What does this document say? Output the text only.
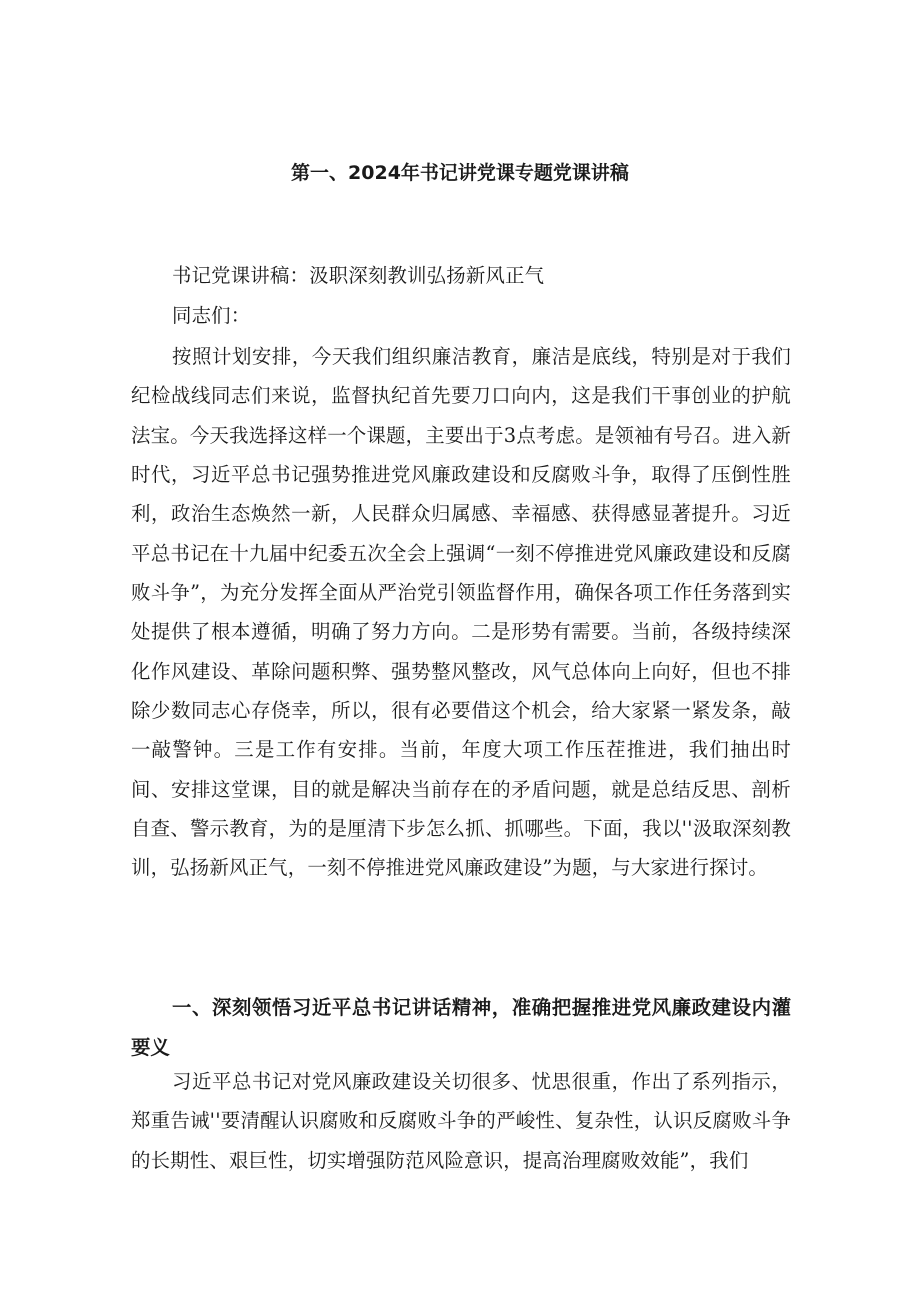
第一、2024年书记讲党课专题党课讲稿
书记党课讲稿：汲职深刻教训弘扬新风正气
同志们：
按照计划安排，今天我们组织廉洁教育，廉洁是底线，特别是对于我们纪检战线同志们来说，监督执纪首先要刀口向内，这是我们干事创业的护航法宝。今天我选择这样一个课题，主要出于3点考虑。是领袖有号召。进入新时代，习近平总书记强势推进党风廉政建设和反腐败斗争，取得了压倒性胜利，政治生态焕然一新，人民群众归属感、幸福感、获得感显著提升。习近平总书记在十九届中纪委五次全会上强调“一刻不停推进党风廉政建设和反腐败斗争”，为充分发挥全面从严治党引领监督作用，确保各项工作任务落到实处提供了根本遵循，明确了努力方向。二是形势有需要。当前，各级持续深化作风建设、革除问题积弊、强势整风整改，风气总体向上向好，但也不排除少数同志心存侥幸，所以，很有必要借这个机会，给大家紧一紧发条，敲一敲警钟。三是工作有安排。当前，年度大项工作压茬推进，我们抽出时间、安排这堂课，目的就是解决当前存在的矛盾问题，就是总结反思、剖析自查、警示教育，为的是厘清下步怎么抓、抓哪些。下面，我以''汲取深刻教训，弘扬新风正气，一刻不停推进党风廉政建设”为题，与大家进行探讨。
一、深刻领悟习近平总书记讲话精神，准确把握推进党风廉政建设内灌要义
习近平总书记对党风廉政建设关切很多、忧思很重，作出了系列指示，郑重告诫''要清醒认识腐败和反腐败斗争的严峻性、复杂性，认识反腐败斗争的长期性、艰巨性，切实增强防范风险意识，提高治理腐败效能”，我们
